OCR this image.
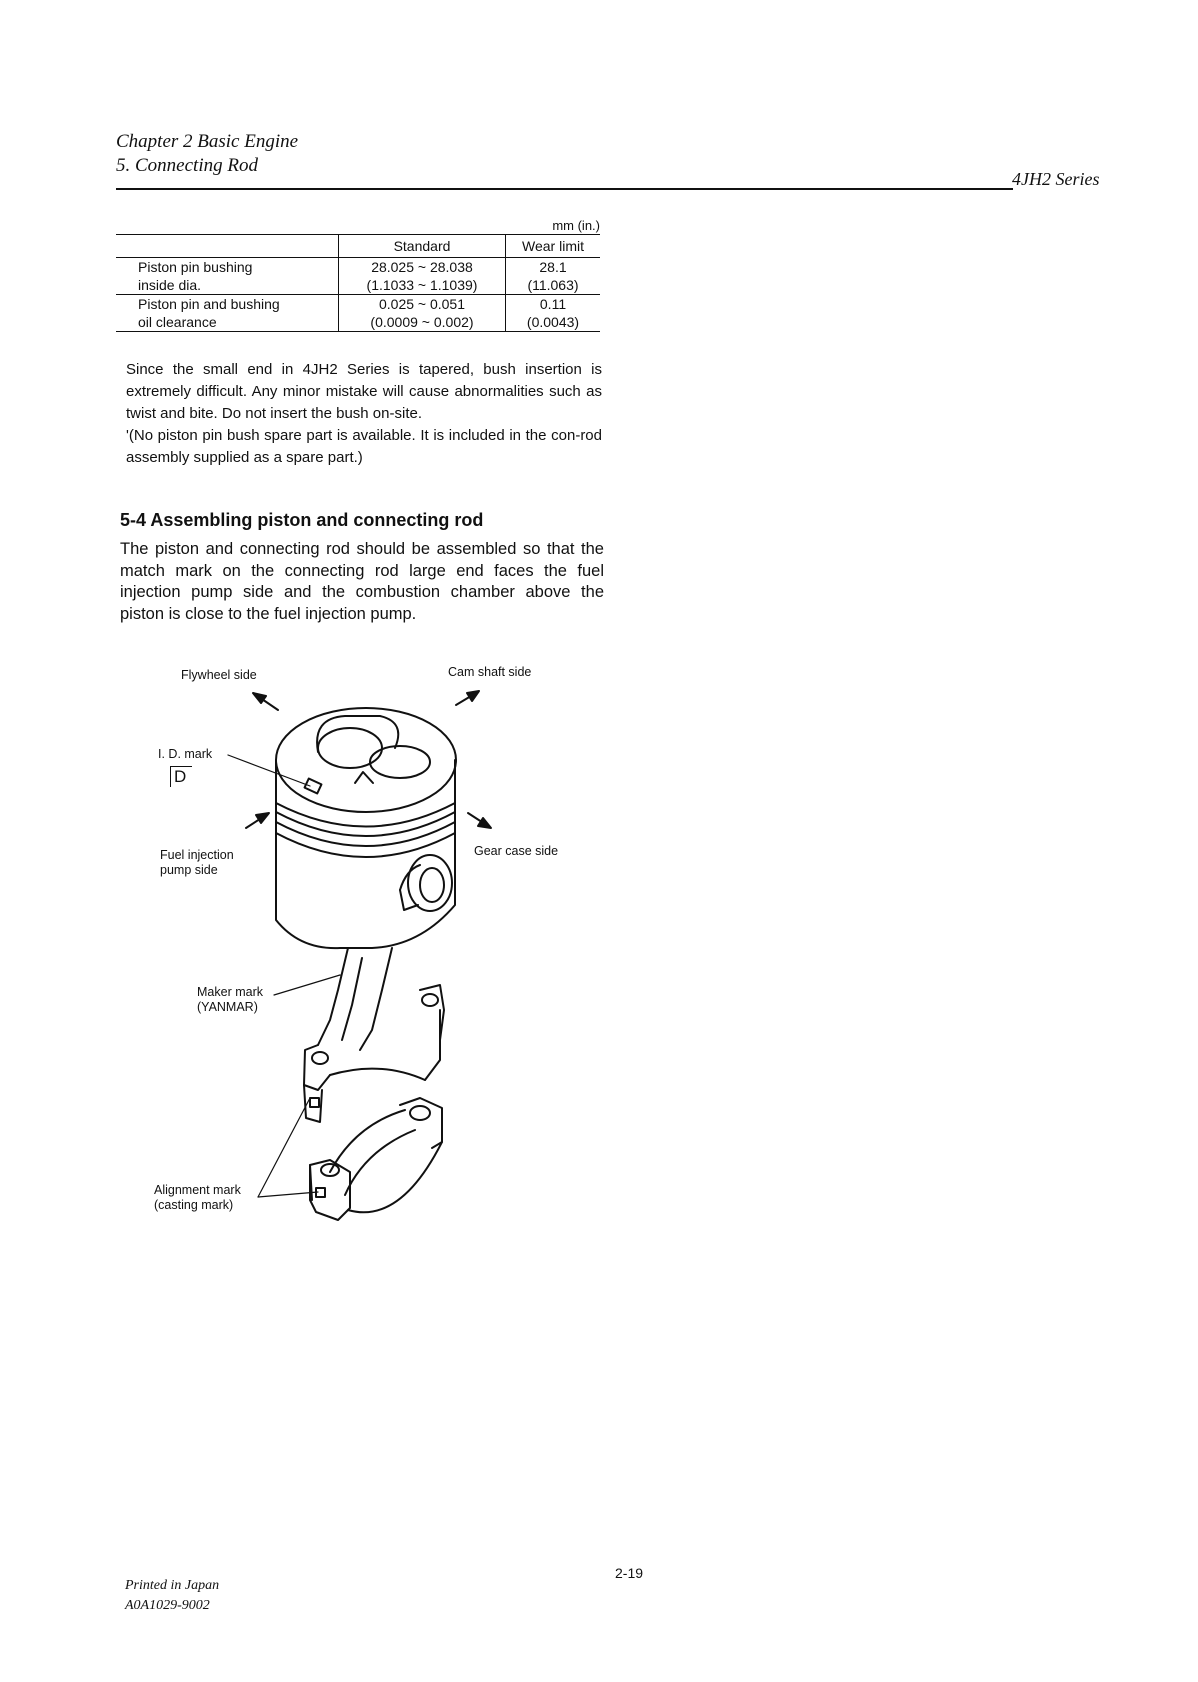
Chapter 2 Basic Engine
5. Connecting Rod
4JH2 Series
mm (in.)
	Standard	Wear limit
Piston pin bushing	28.025 ~ 28.038	28.1
inside dia.	(1.1033 ~ 1.1039)	(11.063)
Piston pin and bushing	0.025 ~ 0.051	0.11
oil clearance	(0.0009 ~ 0.002)	(0.0043)

Since the small end in 4JH2 Series is tapered, bush insertion is extremely difficult. Any minor mistake will cause abnormalities such as twist and bite. Do not insert the bush on-site.

'(No piston pin bush spare part is available. It is included in the con-rod assembly supplied as a spare part.)

5-4 Assembling piston and connecting rod
The piston and connecting rod should be assembled so that the match mark on the connecting rod large end faces the fuel injection pump side and the combustion chamber above the piston is close to the fuel injection pump.
Flywheel side	Cam shaft side
I. D. mark
D
Fuel injection
pump side
Gear case side
Maker mark
(YANMAR)
Alignment mark
(casting mark)
Printed in Japan
A0A1029-9002
2-19
